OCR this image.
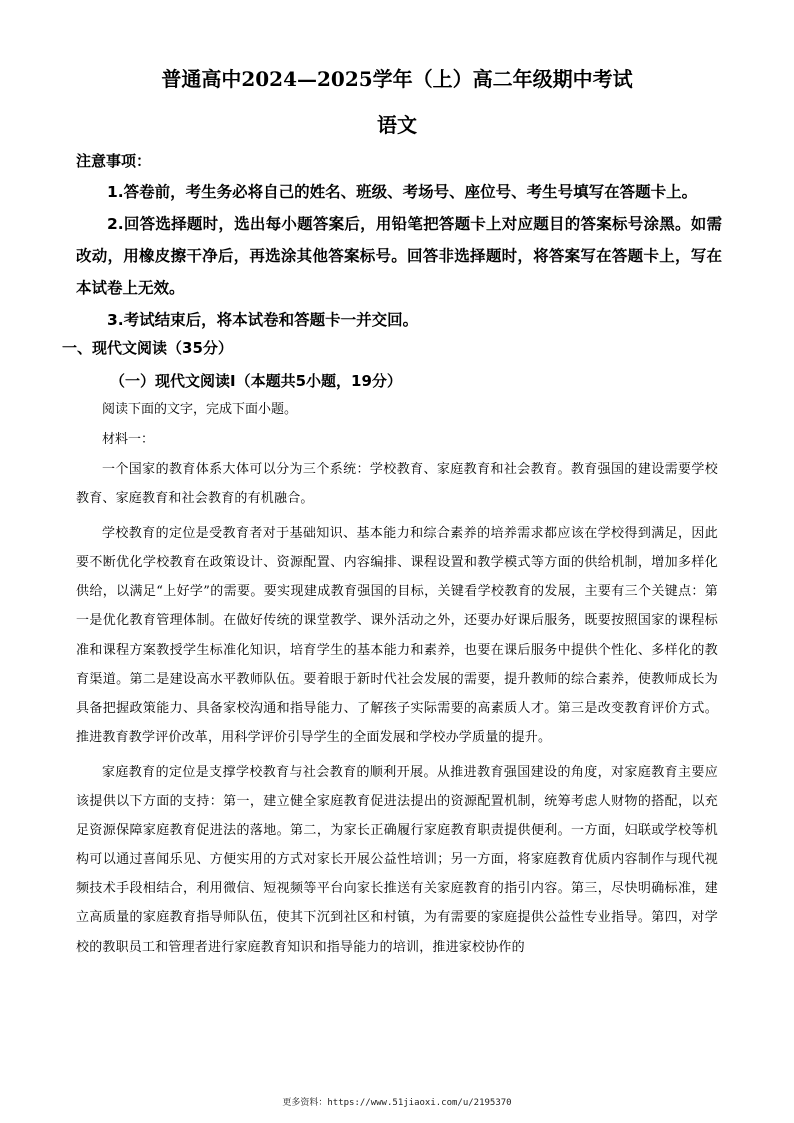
普通高中2024—2025学年（上）高二年级期中考试
语文
注意事项：

1.答卷前，考生务必将自己的姓名、班级、考场号、座位号、考生号填写在答题卡上。

2.回答选择题时，选出每小题答案后，用铅笔把答题卡上对应题目的答案标号涂黑。如需改动，用橡皮擦干净后，再选涂其他答案标号。回答非选择题时，将答案写在答题卡上，写在本试卷上无效。

3.考试结束后，将本试卷和答题卡一并交回。

一、现代文阅读（35分）
（一）现代文阅读Ⅰ（本题共5小题，19分）
阅读下面的文字，完成下面小题。
材料一：

一个国家的教育体系大体可以分为三个系统：学校教育、家庭教育和社会教育。教育强国的建设需要学校教育、家庭教育和社会教育的有机融合。

学校教育的定位是受教育者对于基础知识、基本能力和综合素养的培养需求都应该在学校得到满足，因此要不断优化学校教育在政策设计、资源配置、内容编排、课程设置和教学模式等方面的供给机制，增加多样化供给，以满足“上好学”的需要。要实现建成教育强国的目标，关键看学校教育的发展，主要有三个关键点：第一是优化教育管理体制。在做好传统的课堂教学、课外活动之外，还要办好课后服务，既要按照国家的课程标准和课程方案教授学生标准化知识，培育学生的基本能力和素养，也要在课后服务中提供个性化、多样化的教育渠道。第二是建设高水平教师队伍。要着眼于新时代社会发展的需要，提升教师的综合素养，使教师成长为具备把握政策能力、具备家校沟通和指导能力、了解孩子实际需要的高素质人才。第三是改变教育评价方式。推进教育教学评价改革，用科学评价引导学生的全面发展和学校办学质量的提升。

家庭教育的定位是支撑学校教育与社会教育的顺利开展。从推进教育强国建设的角度，对家庭教育主要应该提供以下方面的支持：第一，建立健全家庭教育促进法提出的资源配置机制，统筹考虑人财物的搭配，以充足资源保障家庭教育促进法的落地。第二，为家长正确履行家庭教育职责提供便利。一方面，妇联或学校等机构可以通过喜闻乐见、方便实用的方式对家长开展公益性培训；另一方面，将家庭教育优质内容制作与现代视频技术手段相结合，利用微信、短视频等平台向家长推送有关家庭教育的指引内容。第三，尽快明确标准，建立高质量的家庭教育指导师队伍，使其下沉到社区和村镇，为有需要的家庭提供公益性专业指导。第四，对学校的教职员工和管理者进行家庭教育知识和指导能力的培训，推进家校协作的

更多资料：https://www.51jiaoxi.com/u/2195370
